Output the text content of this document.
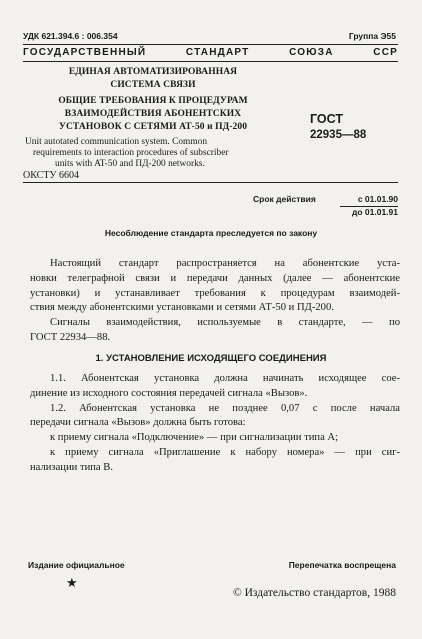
УДК 621.394.6 : 006.354	Группа Э55
ГОСУДАРСТВЕННЫЙ СТАНДАРТ СОЮЗА ССР
ЕДИНАЯ АВТОМАТИЗИРОВАННАЯ
СИСТЕМА СВЯЗИ
ОБЩИЕ ТРЕБОВАНИЯ К ПРОЦЕДУРАМ
ВЗАИМОДЕЙСТВИЯ АБОНЕНТСКИХ
УСТАНОВОК С СЕТЯМИ АТ-50 и ПД-200
Unit autotated communication system. Common
requirements to interaction procedures of subscriber
units with AT-50 and ПД-200 networks.
ОКСТУ 6604
ГОСТ
22935—88
Срок действия	с 01.01.90
до 01.01.91
Несоблюдение стандарта преследуется по закону

Настоящий стандарт распространяется на абонентские уста-

новки телеграфной связи и передачи данных (далее — абонентские

установки) и устанавливает требования к процедурам взаимодей-

ствия между абонентскими установками и сетями АТ-50 и ПД-200.

Сигналы взаимодействия, используемые в стандарте, — по

ГОСТ 22934—88.

1. УСТАНОВЛЕНИЕ ИСХОДЯЩЕГО СОЕДИНЕНИЯ

1.1. Абонентская установка должна начинать исходящее сое-

динение из исходного состояния передачей сигнала «Вызов».

1.2. Абонентская установка не позднее 0,07 с после начала

передачи сигнала «Вызов» должна быть готова:

к приему сигнала «Подключение» — при сигнализации типа А;

к приему сигнала «Приглашение к набору номера» — при сиг-

нализации типа В.

Издание официальное	Перепечатка воспрещена
★
© Издательство стандартов, 1988
